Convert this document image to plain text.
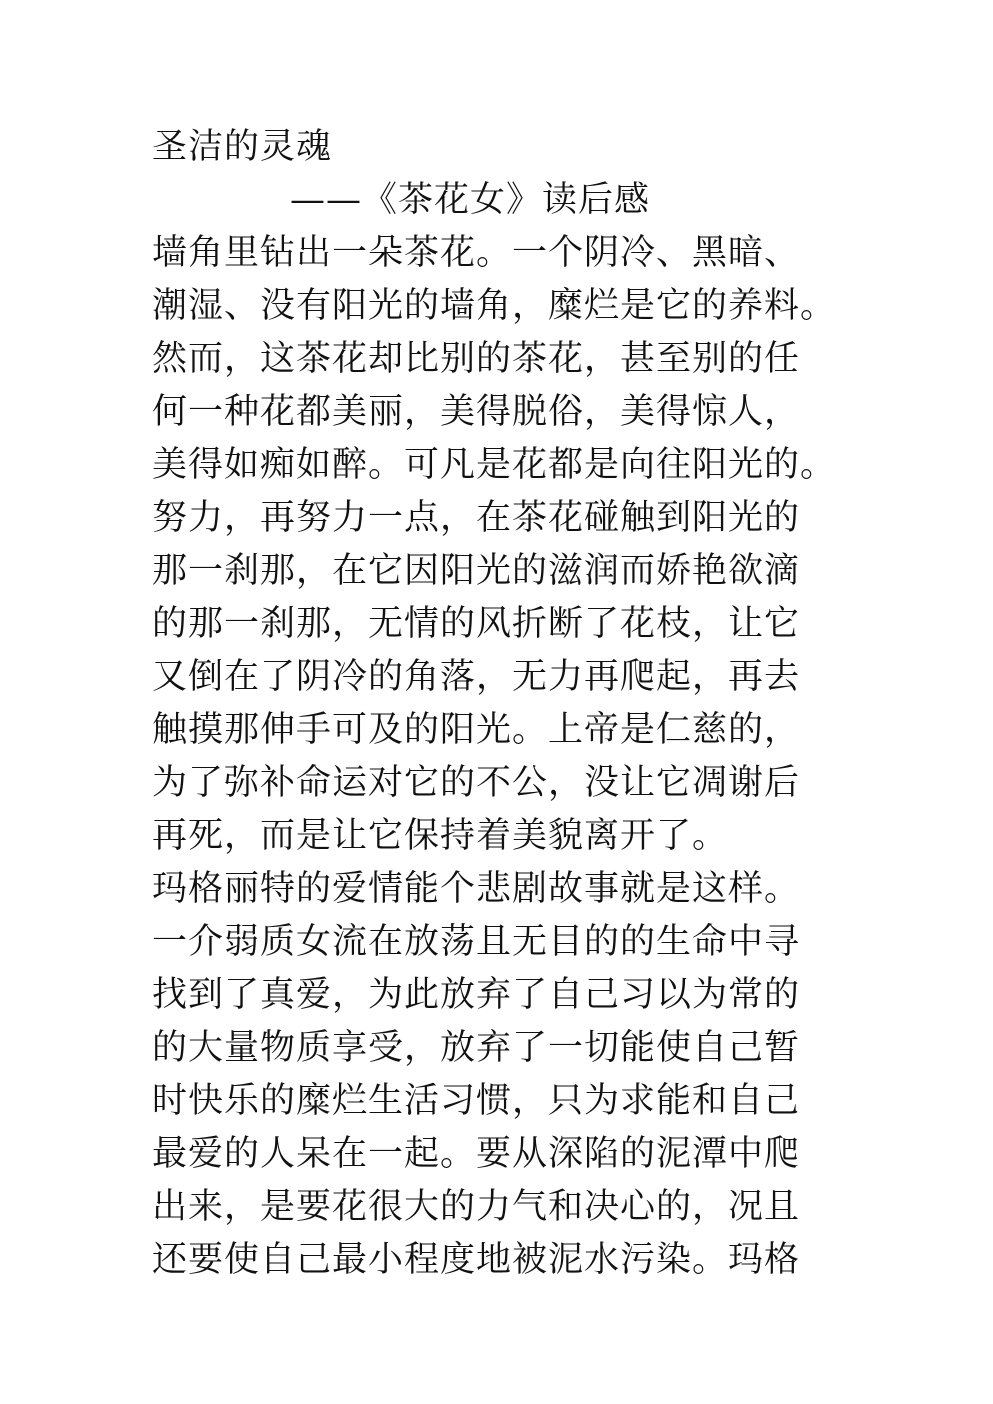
圣洁的灵魂
——《茶花女》读后感
墙角里钻出一朵茶花。一个阴冷、黑暗、
潮湿、没有阳光的墙角，糜烂是它的养料。
然而，这茶花却比别的茶花，甚至别的任
何一种花都美丽，美得脱俗，美得惊人，
美得如痴如醉。可凡是花都是向往阳光的。
努力，再努力一点，在茶花碰触到阳光的
那一刹那，在它因阳光的滋润而娇艳欲滴
的那一刹那，无情的风折断了花枝，让它
又倒在了阴冷的角落，无力再爬起，再去
触摸那伸手可及的阳光。上帝是仁慈的，
为了弥补命运对它的不公，没让它凋谢后
再死，而是让它保持着美貌离开了。
玛格丽特的爱情能个悲剧故事就是这样。
一介弱质女流在放荡且无目的的生命中寻
找到了真爱，为此放弃了自己习以为常的
的大量物质享受，放弃了一切能使自己暂
时快乐的糜烂生活习惯，只为求能和自己
最爱的人呆在一起。要从深陷的泥潭中爬
出来，是要花很大的力气和决心的，况且
还要使自己最小程度地被泥水污染。玛格
